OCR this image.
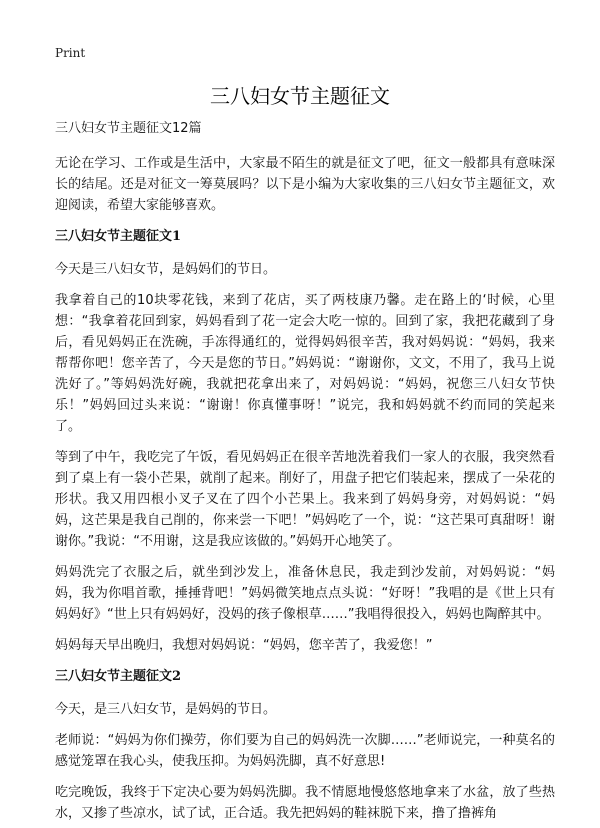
Print
三八妇女节主题征文

三八妇女节主题征文12篇

无论在学习、工作或是生活中，大家最不陌生的就是征文了吧，征文一般都具有意味深长的结尾。还是对征文一筹莫展吗？以下是小编为大家收集的三八妇女节主题征文，欢迎阅读，希望大家能够喜欢。

三八妇女节主题征文1

今天是三八妇女节，是妈妈们的节日。

我拿着自己的10块零花钱，来到了花店，买了两枝康乃馨。走在路上的‘时候，心里想：“我拿着花回到家，妈妈看到了花一定会大吃一惊的。回到了家，我把花藏到了身后，看见妈妈正在洗碗，手冻得通红的，觉得妈妈很辛苦，我对妈妈说：“妈妈，我来帮帮你吧！您辛苦了，今天是您的节日。”妈妈说：“谢谢你，文文，不用了，我马上说洗好了。”等妈妈洗好碗，我就把花拿出来了，对妈妈说：“妈妈，祝您三八妇女节快乐！”妈妈回过头来说：“谢谢！你真懂事呀！”说完，我和妈妈就不约而同的笑起来了。

等到了中午，我吃完了午饭，看见妈妈正在很辛苦地洗着我们一家人的衣服，我突然看到了桌上有一袋小芒果，就削了起来。削好了，用盘子把它们装起来，摆成了一朵花的形状。我又用四根小叉子叉在了四个小芒果上。我来到了妈妈身旁，对妈妈说：“妈妈，这芒果是我自己削的，你来尝一下吧！”妈妈吃了一个，说：“这芒果可真甜呀！谢谢你。”我说：“不用谢，这是我应该做的。”妈妈开心地笑了。

妈妈洗完了衣服之后，就坐到沙发上，准备休息民，我走到沙发前，对妈妈说：“妈妈，我为你唱首歌，捶捶背吧！”妈妈微笑地点点头说：“好呀！”我唱的是《世上只有妈妈好》“世上只有妈妈好，没妈的孩子像根草……”我唱得很投入，妈妈也陶醉其中。

妈妈每天早出晚归，我想对妈妈说：“妈妈，您辛苦了，我爱您！”

三八妇女节主题征文2

今天，是三八妇女节，是妈妈的节日。

老师说：“妈妈为你们操劳，你们要为自己的妈妈洗一次脚……”老师说完，一种莫名的感觉笼罩在我心头，使我压抑。为妈妈洗脚，真不好意思!

吃完晚饭，我终于下定决心要为妈妈洗脚。我不情愿地慢悠悠地拿来了水盆，放了些热水，又掺了些凉水，试了试，正合适。我先把妈妈的鞋袜脱下来，撸了撸裤角
